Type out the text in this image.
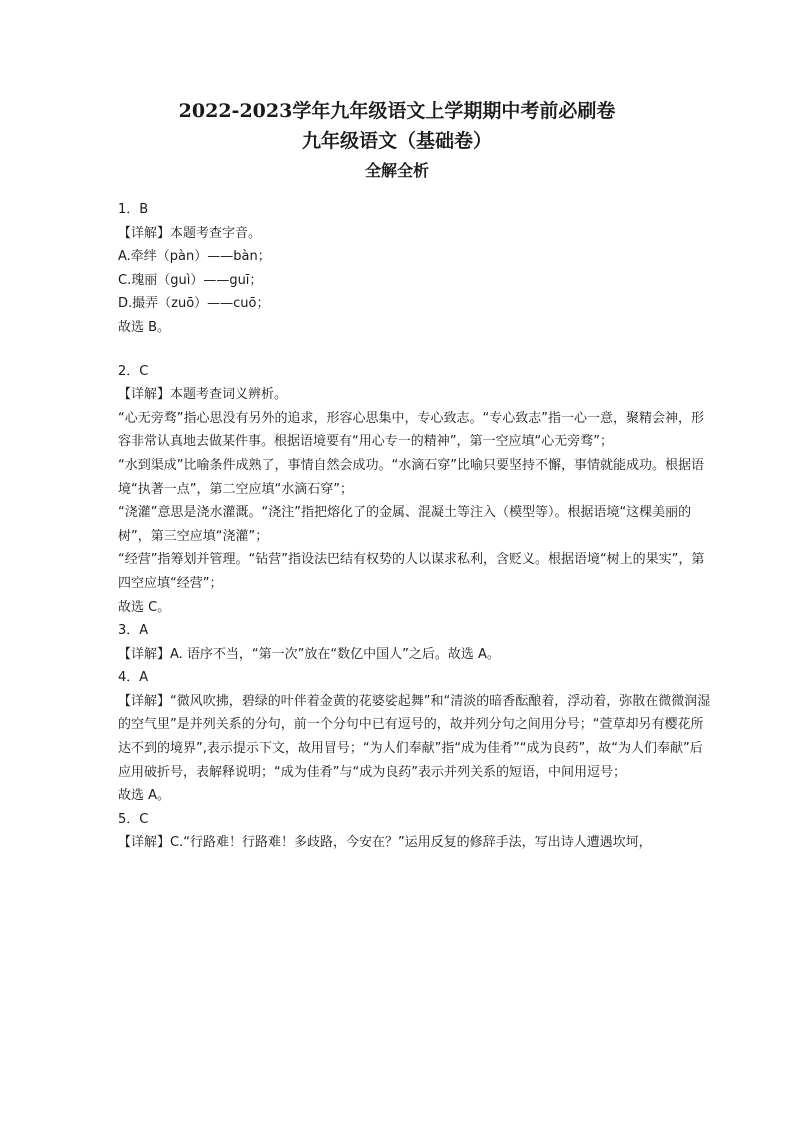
2022-2023学年九年级语文上学期期中考前必刷卷
九年级语文（基础卷）
全解全析
1．B
【详解】本题考查字音。
A.牵绊（pàn）——bàn；
C.瑰丽（guì）——guī；
D.撮弄（zuō）——cuō；
故选 B。
2．C
【详解】本题考查词义辨析。
“心无旁骛”指心思没有另外的追求，形容心思集中，专心致志。“专心致志”指一心一意，聚精会神，形容非常认真地去做某件事。根据语境要有“用心专一的精神”，第一空应填“心无旁骛”；
“水到渠成”比喻条件成熟了，事情自然会成功。“水滴石穿”比喻只要坚持不懈，事情就能成功。根据语境“执著一点”，第二空应填“水滴石穿”；
“浇灌”意思是浇水灌溉。“浇注”指把熔化了的金属、混凝土等注入（模型等）。根据语境“这棵美丽的树”，第三空应填“浇灌”；
“经营”指筹划并管理。“钻营”指设法巴结有权势的人以谋求私利，含贬义。根据语境“树上的果实”，第四空应填“经营”；
故选 C。
3．A
【详解】A. 语序不当，“第一次”放在“数亿中国人”之后。故选 A。
4．A
【详解】“微风吹拂，碧绿的叶伴着金黄的花婆娑起舞”和“清淡的暗香酝酿着，浮动着，弥散在微微润湿的空气里”是并列关系的分句，前一个分句中已有逗号的，故并列分句之间用分号；“萱草却另有樱花所达不到的境界”,表示提示下文，故用冒号；“为人们奉献”指“成为佳肴”“成为良药”，故“为人们奉献”后应用破折号，表解释说明；“成为佳肴”与“成为良药”表示并列关系的短语，中间用逗号；
故选 A。
5．C
【详解】C.“行路难！行路难！多歧路，今安在？”运用反复的修辞手法，写出诗人遭遇坎坷，
